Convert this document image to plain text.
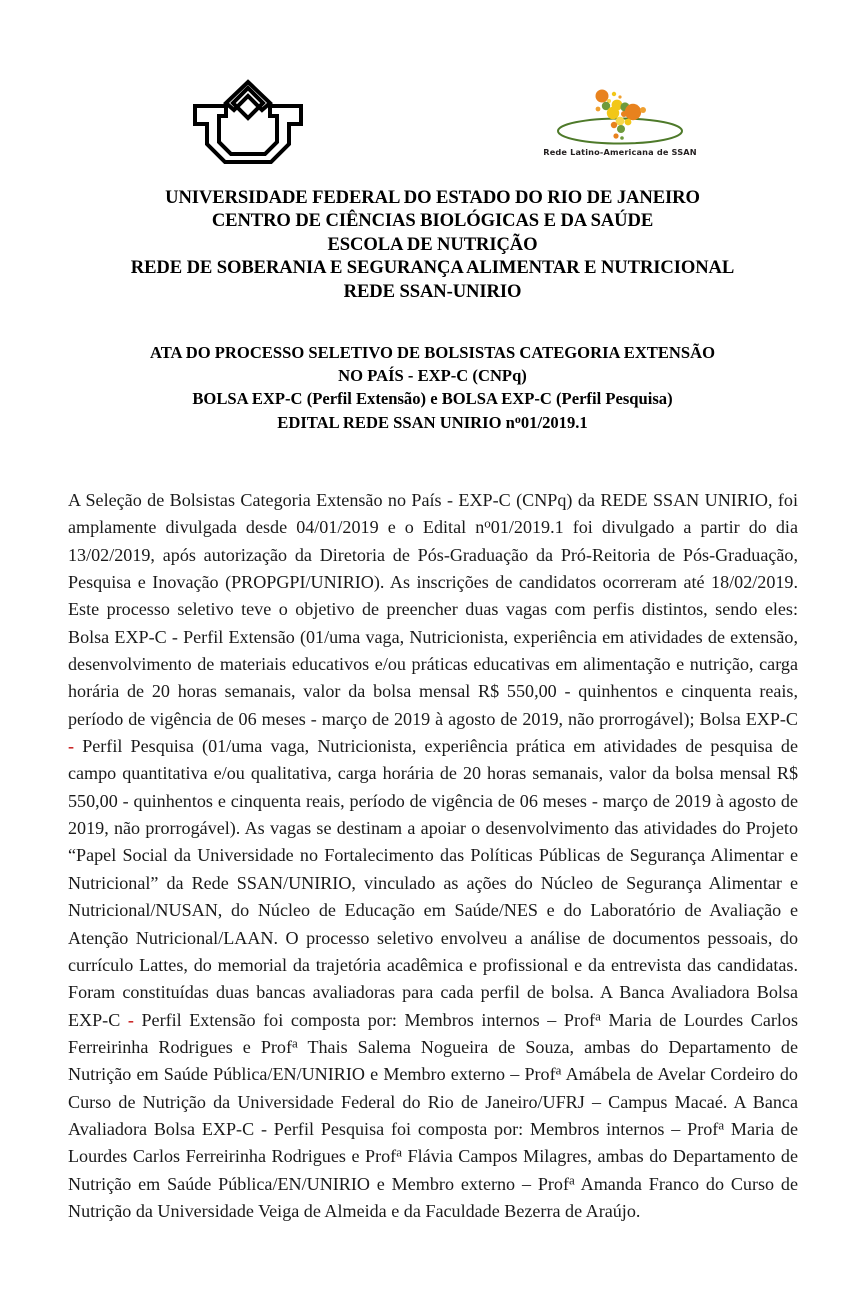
Rede Latino-Americana de SSAN
UNIVERSIDADE FEDERAL DO ESTADO DO RIO DE JANEIRO
CENTRO DE CIÊNCIAS BIOLÓGICAS E DA SAÚDE
ESCOLA DE NUTRIÇÃO
REDE DE SOBERANIA E SEGURANÇA ALIMENTAR E NUTRICIONAL
REDE SSAN-UNIRIO
ATA DO PROCESSO SELETIVO DE BOLSISTAS CATEGORIA EXTENSÃO
NO PAÍS - EXP-C (CNPq)
BOLSA EXP-C (Perfil Extensão) e BOLSA EXP-C (Perfil Pesquisa)
EDITAL REDE SSAN UNIRIO $n^o01/2019.1$

A Seleção de Bolsistas Categoria Extensão no País - EXP-C (CNPq) da REDE SSAN UNIRIO, foi amplamente divulgada desde 04/01/2019 e o Edital $n^o01/2019.1$ foi divulgado a partir do dia 13/02/2019, após autorização da Diretoria de Pós-Graduação da Pró-Reitoria de Pós-Graduação, Pesquisa e Inovação (PROPGPI/UNIRIO). As inscrições de candidatos ocorreram até 18/02/2019. Este processo seletivo teve o objetivo de preencher duas vagas com perfis distintos, sendo eles: Bolsa EXP-C - Perfil Extensão (01/uma vaga, Nutricionista, experiência em atividades de extensão, desenvolvimento de materiais educativos e/ou práticas educativas em alimentação e nutrição, carga horária de 20 horas semanais, valor da bolsa mensal R$ 550,00 - quinhentos e cinquenta reais, período de vigência de 06 meses - março de 2019 à agosto de 2019, não prorrogável); Bolsa EXP-C - Perfil Pesquisa (01/uma vaga, Nutricionista, experiência prática em atividades de pesquisa de campo quantitativa e/ou qualitativa, carga horária de 20 horas semanais, valor da bolsa mensal R$ 550,00 - quinhentos e cinquenta reais, período de vigência de 06 meses - março de 2019 à agosto de 2019, não prorrogável). As vagas se destinam a apoiar o desenvolvimento das atividades do Projeto “Papel Social da Universidade no Fortalecimento das Políticas Públicas de Segurança Alimentar e Nutricional” da Rede SSAN/UNIRIO, vinculado as ações do Núcleo de Segurança Alimentar e Nutricional/NUSAN, do Núcleo de Educação em Saúde/NES e do Laboratório de Avaliação e Atenção Nutricional/LAAN. O processo seletivo envolveu a análise de documentos pessoais, do currículo Lattes, do memorial da trajetória acadêmica e profissional e da entrevista das candidatas. Foram constituídas duas bancas avaliadoras para cada perfil de bolsa. A Banca Avaliadora Bolsa EXP-C - Perfil Extensão foi composta por: Membros internos – Prof$^a$ Maria de Lourdes Carlos Ferreirinha Rodrigues e Prof$^a$ Thais Salema Nogueira de Souza, ambas do Departamento de Nutrição em Saúde Pública/EN/UNIRIO e Membro externo – Prof$^a$ Amábela de Avelar Cordeiro do Curso de Nutrição da Universidade Federal do Rio de Janeiro/UFRJ – Campus Macaé. A Banca Avaliadora Bolsa EXP-C - Perfil Pesquisa foi composta por: Membros internos – Prof$^a$ Maria de Lourdes Carlos Ferreirinha Rodrigues e Prof$^a$ Flávia Campos Milagres, ambas do Departamento de Nutrição em Saúde Pública/EN/UNIRIO e Membro externo – Prof$^a$ Amanda Franco do Curso de Nutrição da Universidade Veiga de Almeida e da Faculdade Bezerra de Araújo.
